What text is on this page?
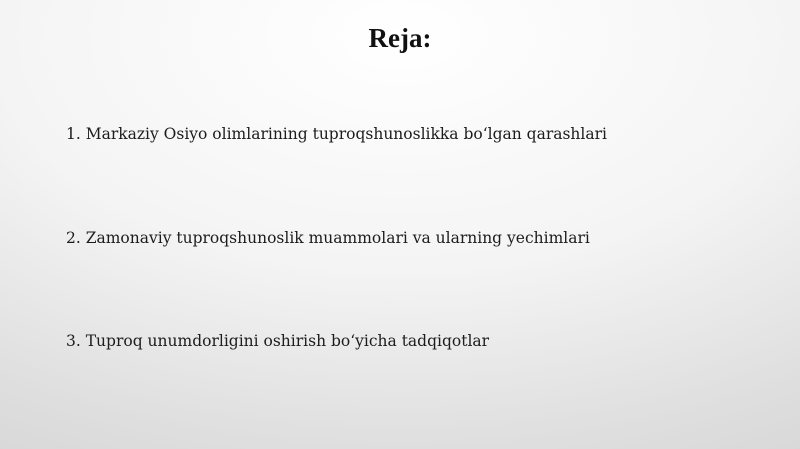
Reja:
1. Markaziy Osiyo olimlarining tuproqshunoslikka bo‘lgan qarashlari
2. Zamonaviy tuproqshunoslik muammolari va ularning yechimlari
3. Tuproq unumdorligini oshirish bo‘yicha tadqiqotlar
